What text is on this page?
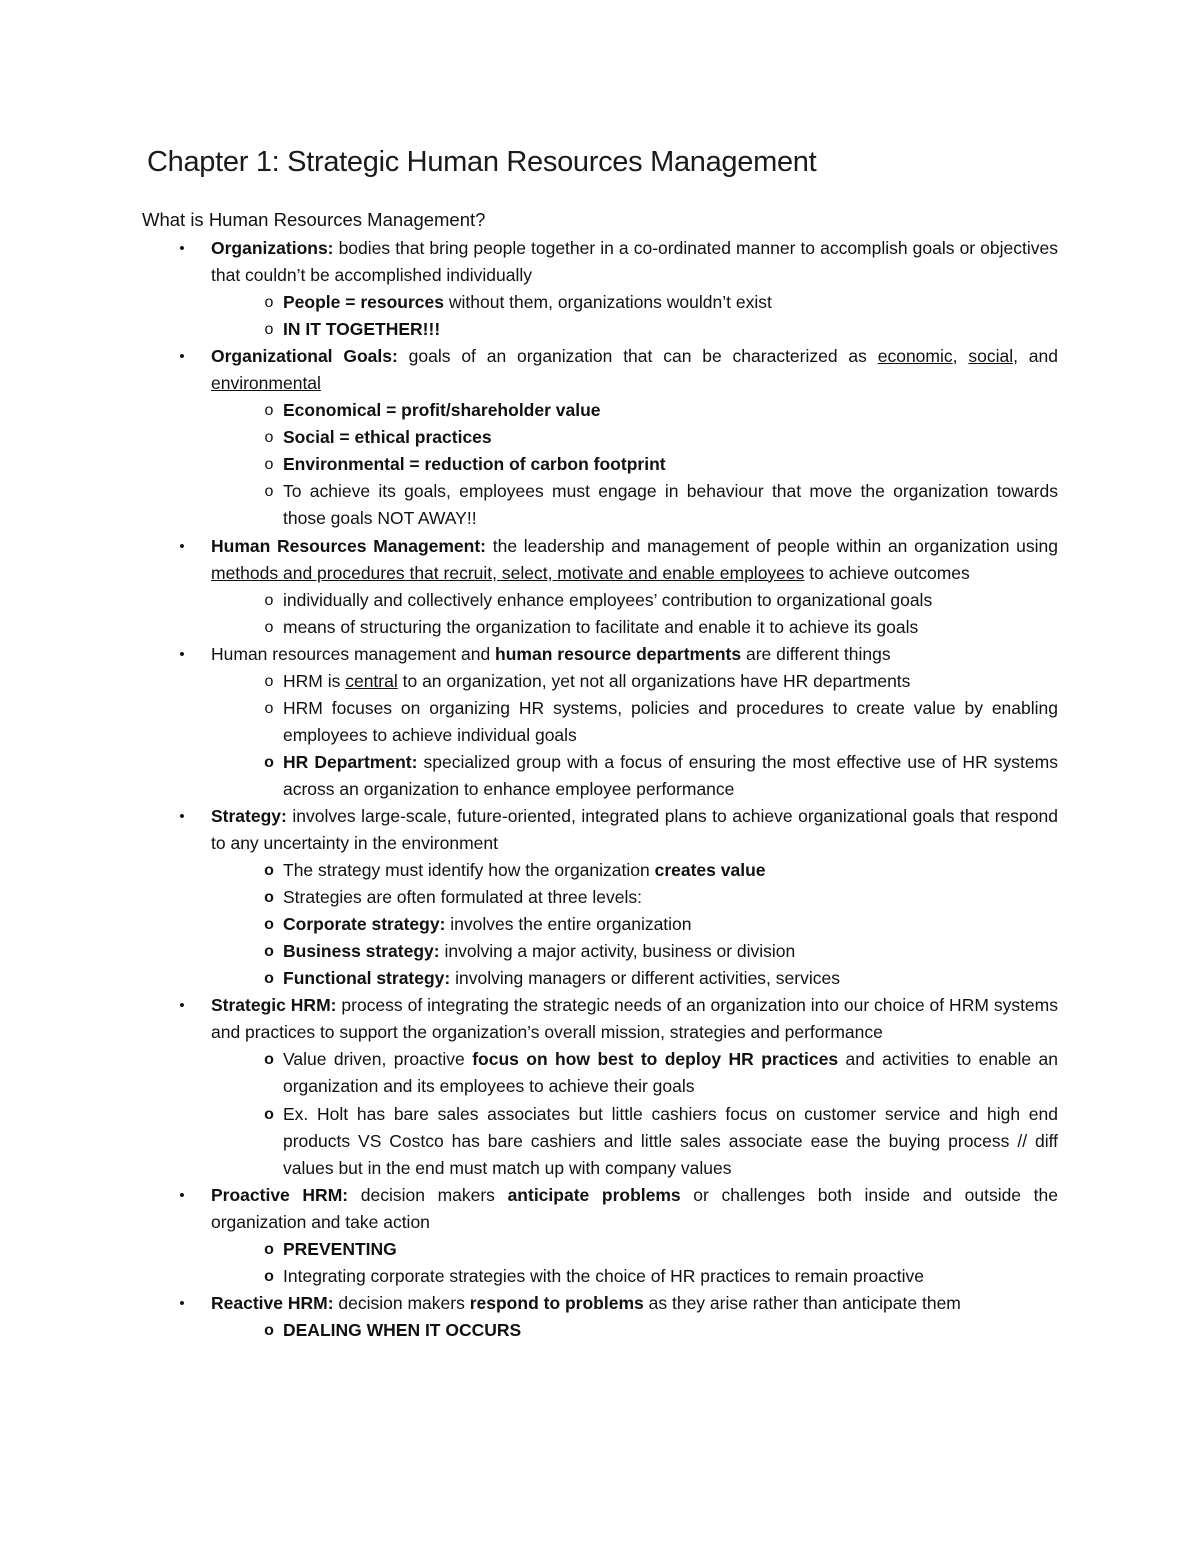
Chapter 1: Strategic Human Resources Management

What is Human Resources Management?

• Organizations: bodies that bring people together in a co-ordinated manner to accomplish goals or objectives that couldn’t be accomplished individually
o People = resources without them, organizations wouldn’t exist
o IN IT TOGETHER!!!
• Organizational Goals: goals of an organization that can be characterized as economic, social, and environmental
o Economical = profit/shareholder value
o Social = ethical practices
o Environmental = reduction of carbon footprint
o To achieve its goals, employees must engage in behaviour that move the organization towards those goals NOT AWAY!!
• Human Resources Management: the leadership and management of people within an organization using methods and procedures that recruit, select, motivate and enable employees to achieve outcomes
o individually and collectively enhance employees’ contribution to organizational goals
o means of structuring the organization to facilitate and enable it to achieve its goals
• Human resources management and human resource departments are different things
o HRM is central to an organization, yet not all organizations have HR departments
o HRM focuses on organizing HR systems, policies and procedures to create value by enabling employees to achieve individual goals
o HR Department: specialized group with a focus of ensuring the most effective use of HR systems across an organization to enhance employee performance
• Strategy: involves large-scale, future-oriented, integrated plans to achieve organizational goals that respond to any uncertainty in the environment
o The strategy must identify how the organization creates value
o Strategies are often formulated at three levels:
o Corporate strategy: involves the entire organization
o Business strategy: involving a major activity, business or division
o Functional strategy: involving managers or different activities, services
• Strategic HRM: process of integrating the strategic needs of an organization into our choice of HRM systems and practices to support the organization’s overall mission, strategies and performance
o Value driven, proactive focus on how best to deploy HR practices and activities to enable an organization and its employees to achieve their goals
o Ex. Holt has bare sales associates but little cashiers focus on customer service and high end products VS Costco has bare cashiers and little sales associate ease the buying process // diff values but in the end must match up with company values
• Proactive HRM: decision makers anticipate problems or challenges both inside and outside the organization and take action
o PREVENTING
o Integrating corporate strategies with the choice of HR practices to remain proactive
• Reactive HRM: decision makers respond to problems as they arise rather than anticipate them
o DEALING WHEN IT OCCURS
